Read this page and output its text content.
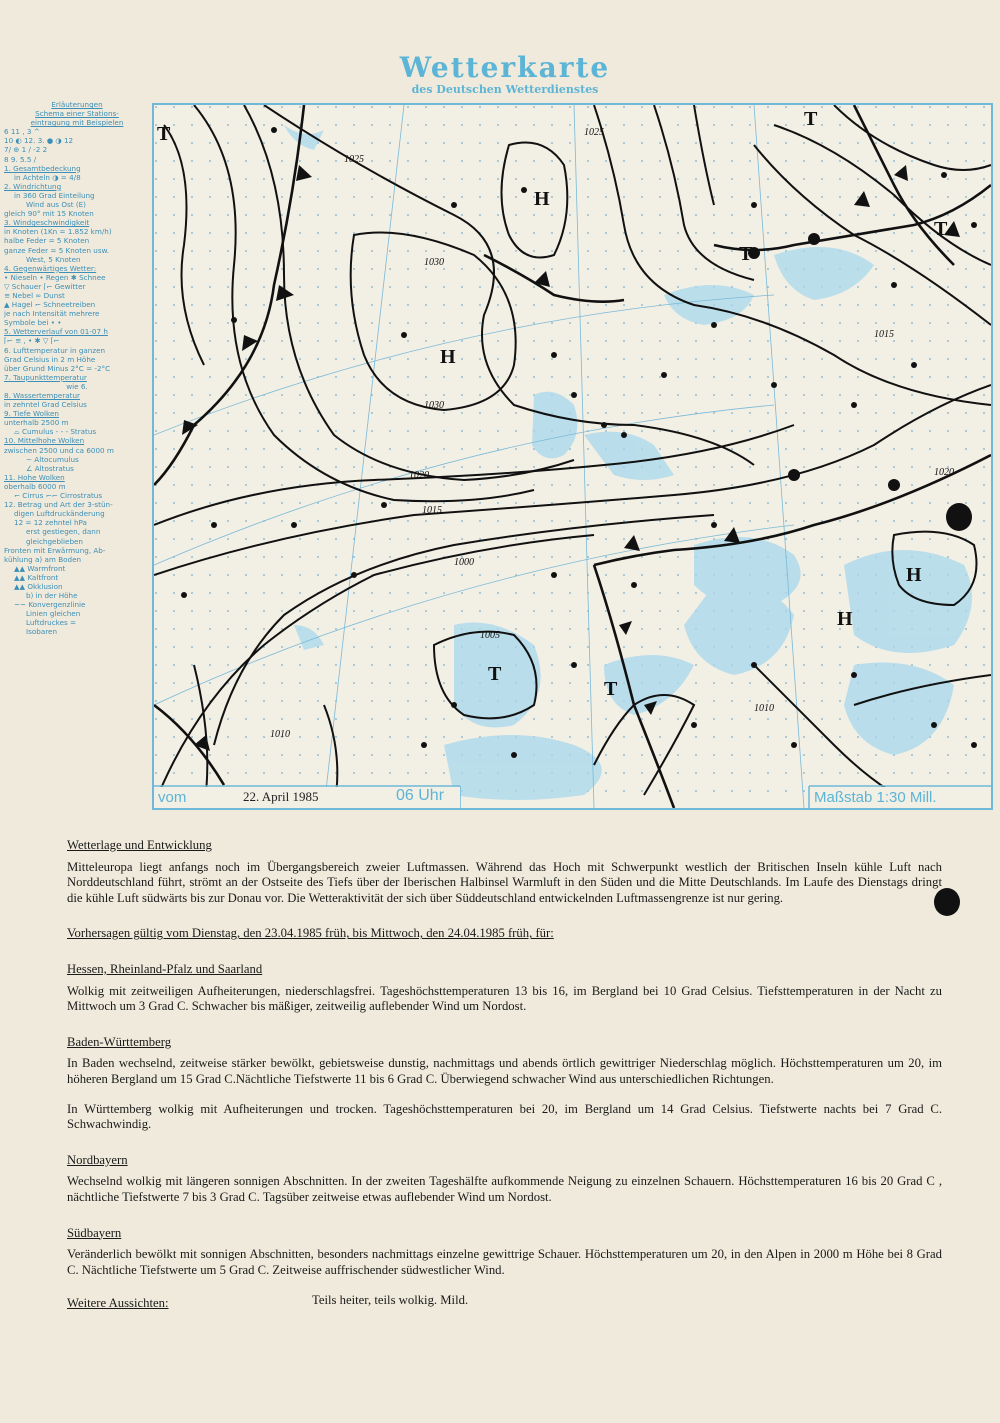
Wetterkarte
des Deutschen Wetterdienstes
Erläuterungen
Schema einer Stations-
eintragung mit Beispielen
6 11 , 3 ^
10 ◐ 12. 3. ● ◑ 12
7/ ⊕ 1 ∕ -2 2
8 9. 5.5 ∕
1. Gesamtbedeckung
in Achteln ◑ = 4/8
2. Windrichtung
in 360 Grad Einteilung
Wind aus Ost (E)
gleich 90° mit 15 Knoten
3. Windgeschwindigkeit
in Knoten (1Kn = 1.852 km/h)
halbe Feder = 5 Knoten
ganze Feder = 5 Knoten usw.
West, 5 Knoten
4. Gegenwärtiges Wetter:
• Nieseln • Regen ✱ Schnee
▽ Schauer ⌈⌐ Gewitter
≡ Nebel ∞ Dunst
▲ Hagel ⌐ Schneetreiben
je nach Intensität mehrere
Symbole bei • •
5. Wetterverlauf von 01-07 h
⌈⌐ ≡ , • ✱ ▽ ⌈⌐
6. Lufttemperatur in ganzen
Grad Celsius in 2 m Höhe
über Grund Minus 2°C = -2°C
7. Taupunkttemperatur
wie 6.
8. Wassertemperatur
in zehntel Grad Celsius
9. Tiefe Wolken
unterhalb 2500 m
⌓ Cumulus - - - Stratus
10. Mittelhohe Wolken
zwischen 2500 und ca 6000 m
∼ Altocumulus
∠ Altostratus
11. Hohe Wolken
oberhalb 6000 m
⌐ Cirrus ⌐⌐ Cirrostratus
12. Betrag und Art der 3-stün-
digen Luftdruckänderung
12 = 12 zehntel hPa
erst gestiegen, dann
gleichgeblieben
Fronten mit Erwärmung, Ab-
kühlung a) am Boden
▲▲ Warmfront
▲▲ Kaltfront
▲▲ Okklusion
b) in der Höhe
~~ Konvergenzlinie
Linien gleichen
Luftdruckes =
Isobaren
H
H
H
H
T
T
T
T
T
T
1030
1030
1025
1020
1015
1010
1005
1000
1025
1020
1015
1010
vom	22. April 1985	06 Uhr	Maßstab 1:30 Mill.

Wetterlage und Entwicklung

Mitteleuropa liegt anfangs noch im Übergangsbereich zweier Luftmassen. Während das Hoch mit Schwerpunkt westlich der Britischen Inseln kühle Luft nach Norddeutschland führt, strömt an der Ostseite des Tiefs über der Iberischen Halbinsel Warmluft in den Süden und die Mitte Deutschlands. Im Laufe des Dienstags dringt die kühle Luft südwärts bis zur Donau vor. Die Wetteraktivität der sich über Süddeutschland entwickelnden Luftmassengrenze ist nur gering.

Vorhersagen gültig vom Dienstag, den 23.04.1985 früh, bis Mittwoch, den 24.04.1985 früh, für:

Hessen, Rheinland-Pfalz und Saarland

Wolkig mit zeitweiligen Aufheiterungen, niederschlagsfrei. Tageshöchsttemperaturen 13 bis 16, im Bergland bei 10 Grad Celsius. Tiefsttemperaturen in der Nacht zu Mittwoch um 3 Grad C. Schwacher bis mäßiger, zeitweilig auflebender Wind um Nordost.

Baden-Württemberg

In Baden wechselnd, zeitweise stärker bewölkt, gebietsweise dunstig, nachmittags und abends örtlich gewittriger Niederschlag möglich. Höchsttemperaturen um 20, im höheren Bergland um 15 Grad C.Nächtliche Tiefstwerte 11 bis 6 Grad C. Überwiegend schwacher Wind aus unterschiedlichen Richtungen.

In Württemberg wolkig mit Aufheiterungen und trocken. Tageshöchsttemperaturen bei 20, im Bergland um 14 Grad Celsius. Tiefstwerte nachts bei 7 Grad C. Schwachwindig.

Nordbayern

Wechselnd wolkig mit längeren sonnigen Abschnitten. In der zweiten Tageshälfte aufkommende Neigung zu einzelnen Schauern. Höchsttemperaturen 16 bis 20 Grad C , nächtliche Tiefstwerte 7 bis 3 Grad C. Tagsüber zeitweise etwas auflebender Wind um Nordost.

Südbayern

Veränderlich bewölkt mit sonnigen Abschnitten, besonders nachmittags einzelne gewittrige Schauer. Höchsttemperaturen um 20, in den Alpen in 2000 m Höhe bei 8 Grad C. Nächtliche Tiefstwerte um 5 Grad C. Zeitweise auffrischender südwestlicher Wind.

Weitere Aussichten:	Teils heiter, teils wolkig. Mild.
